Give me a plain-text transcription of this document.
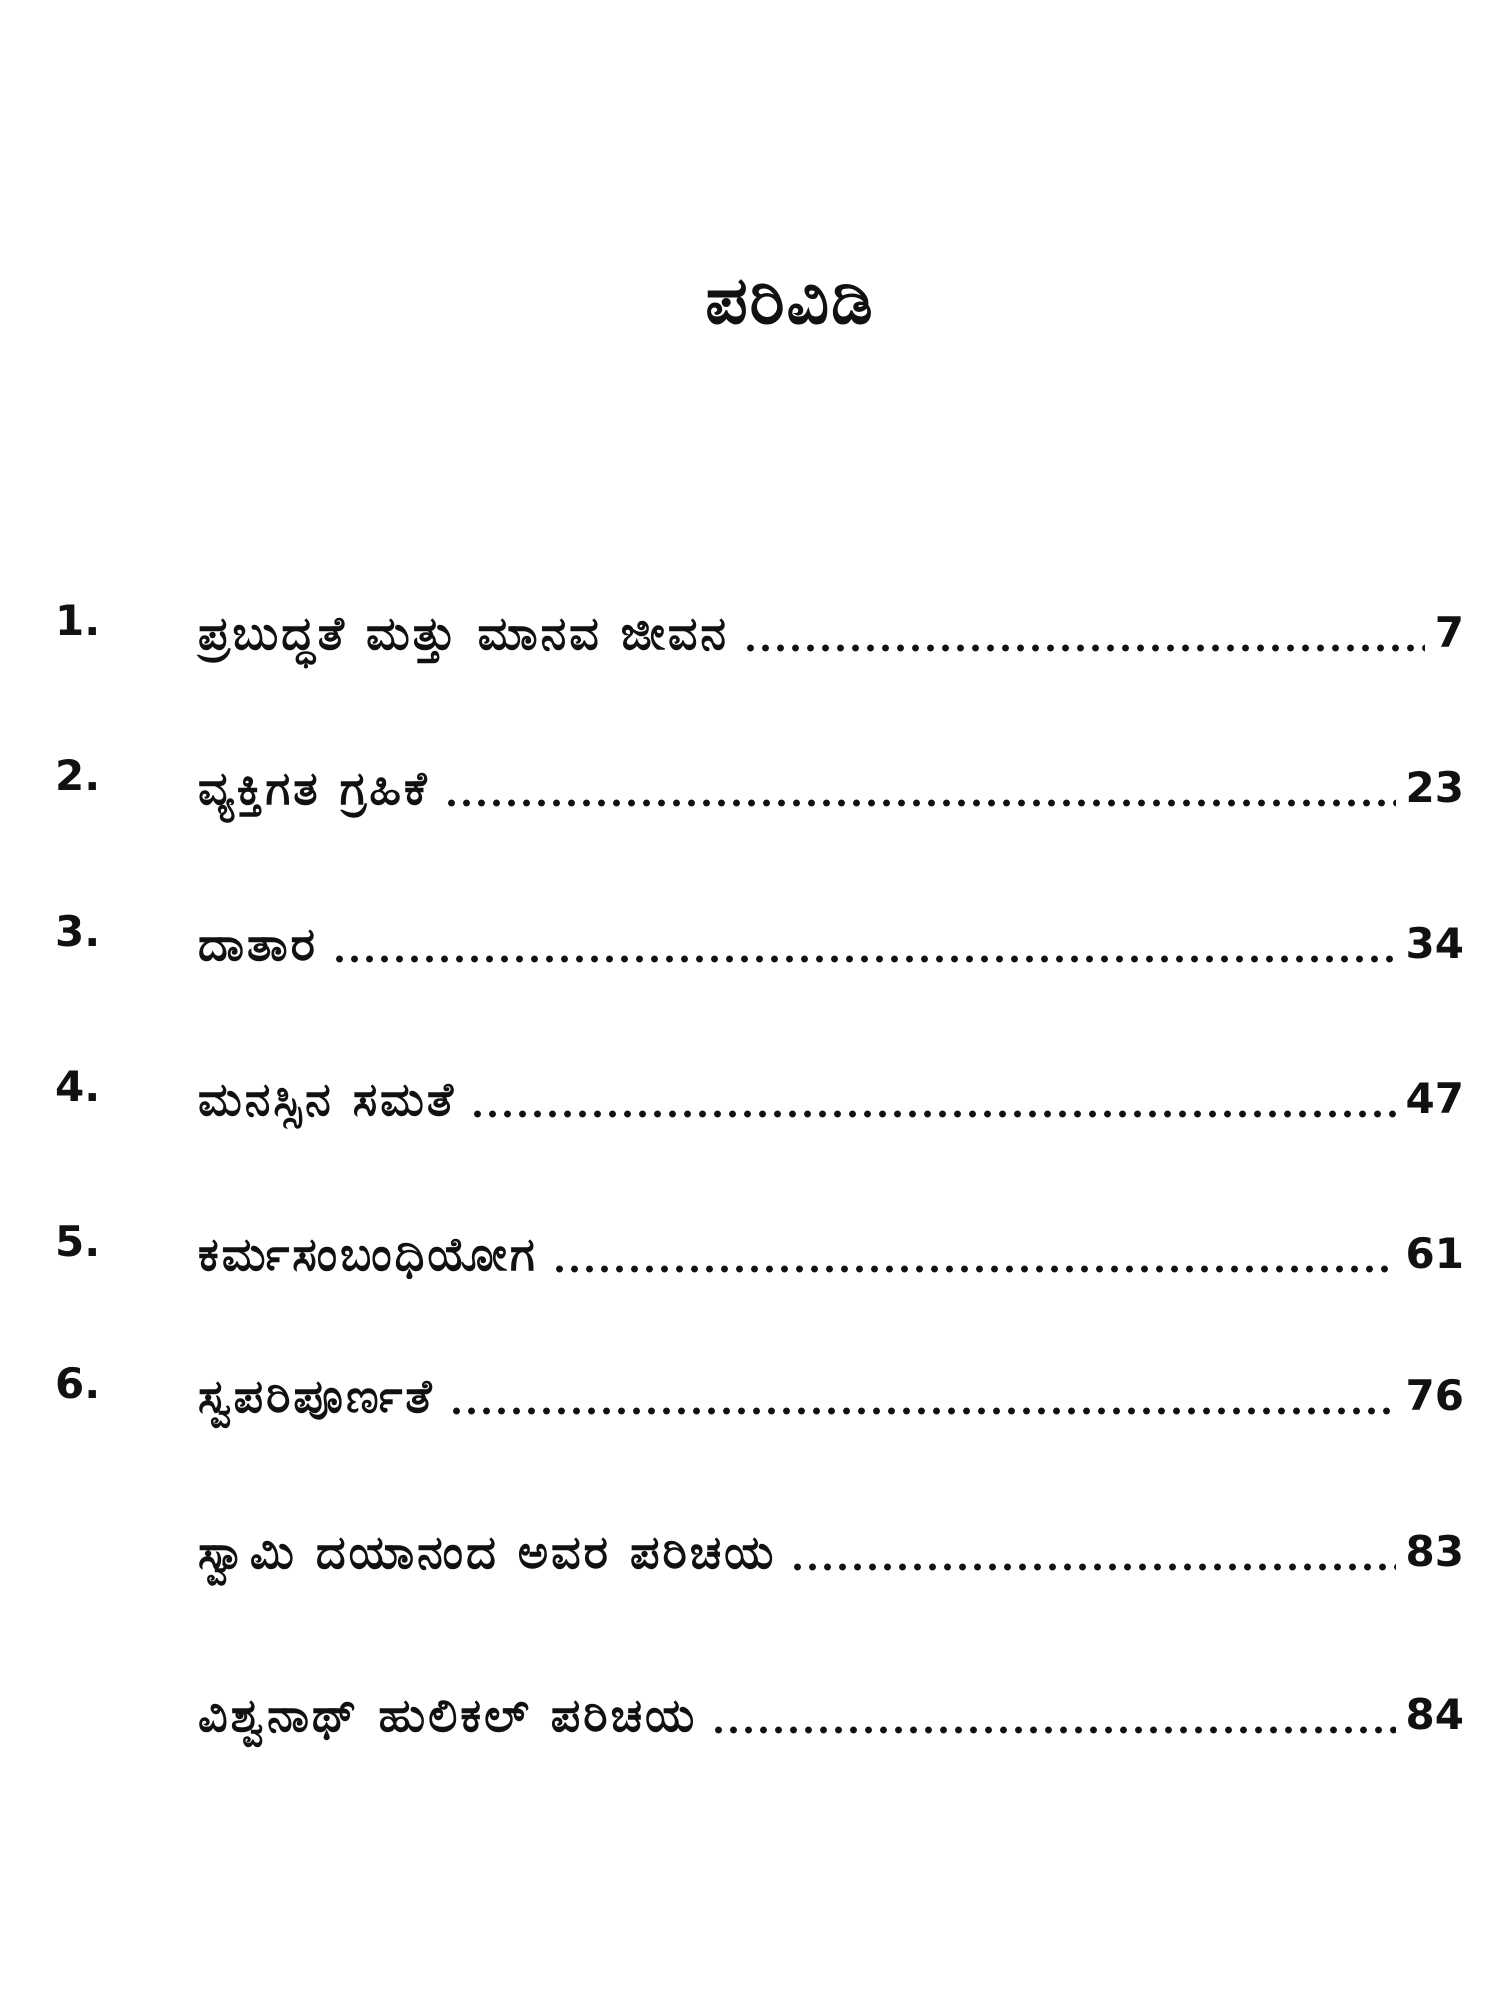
ಪರಿವಿಡಿ
1. ಪ್ರಬುದ್ಧತೆ ಮತ್ತು ಮಾನವ ಜೀವನ	7
2. ವ್ಯಕ್ತಿಗತ ಗ್ರಹಿಕೆ	23
3. ದಾತಾರ	34
4. ಮನಸ್ಸಿನ ಸಮತೆ	47
5. ಕರ್ಮಸಂಬಂಧಿಯೋಗ	61
6. ಸ್ವಪರಿಪೂರ್ಣತೆ	76
ಸ್ವಾಮಿ ದಯಾನಂದ ಅವರ ಪರಿಚಯ	83
ವಿಶ್ವನಾಥ್ ಹುಲಿಕಲ್ ಪರಿಚಯ	84
